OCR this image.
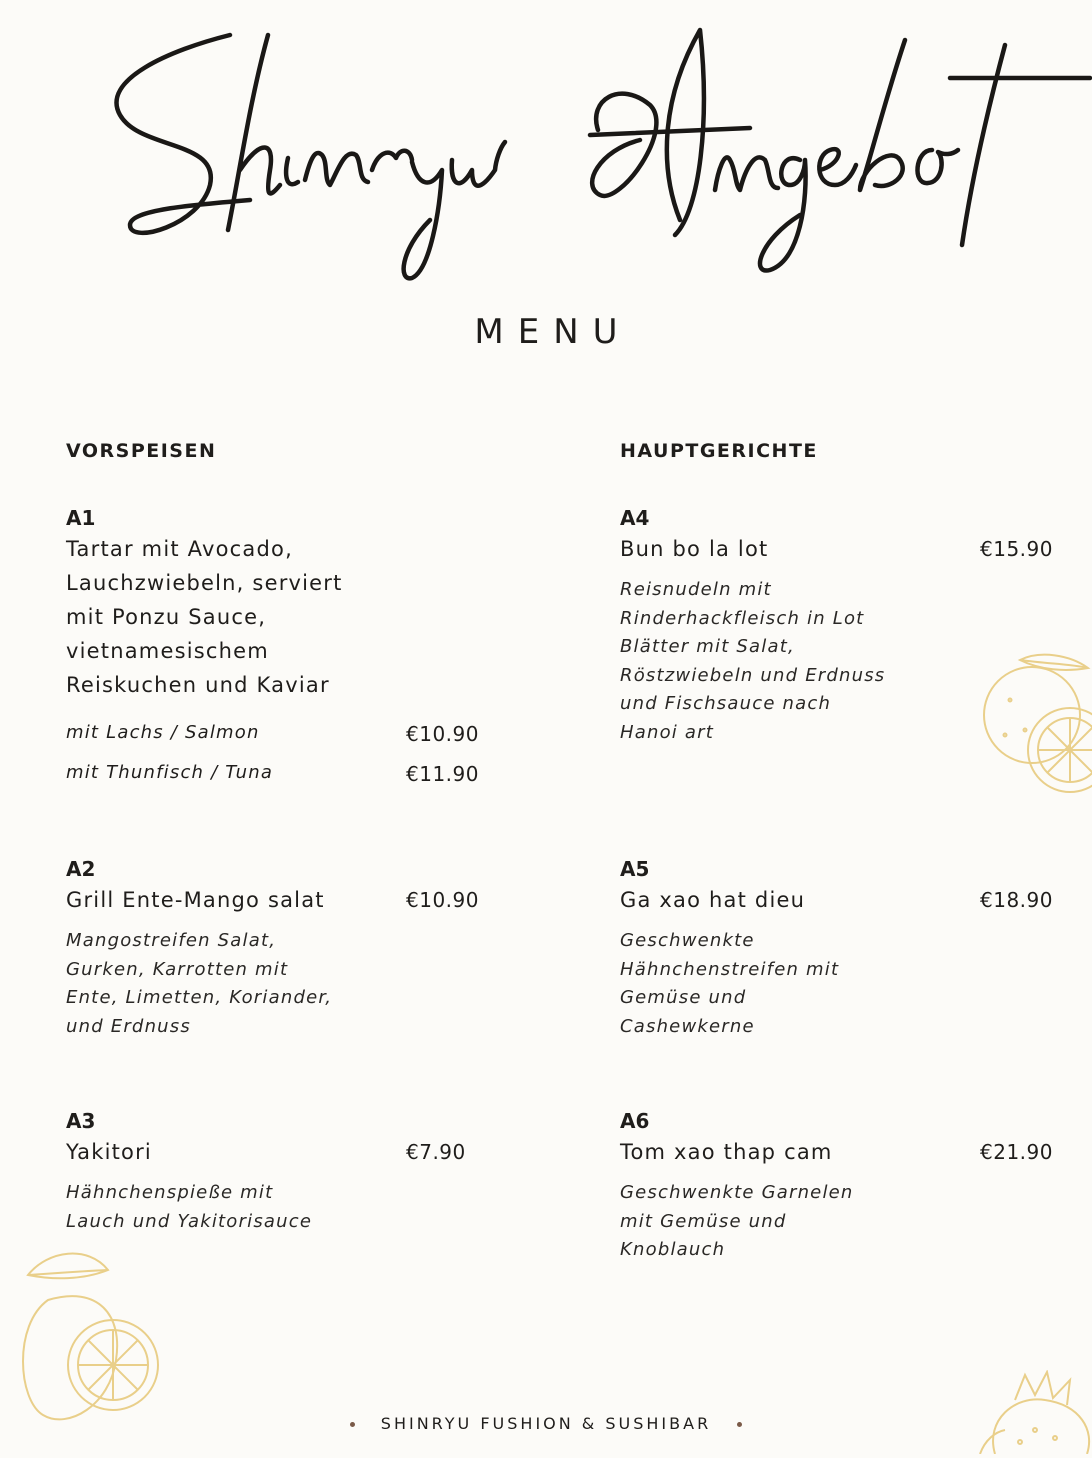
MENU
VORSPEISEN
A1
Tartar mit Avocado, Lauchzwiebeln, serviert mit Ponzu Sauce, vietnamesischem Reiskuchen und Kaviar
mit Lachs / Salmon	€10.90
mit Thunfisch / Tuna	€11.90
A2
Grill Ente-Mango salat	€10.90
Mangostreifen Salat, Gurken, Karrotten mit Ente, Limetten, Koriander, und Erdnuss
A3
Yakitori	€7.90
Hähnchenspieße mit Lauch und Yakitorisauce
HAUPTGERICHTE
A4
Bun bo la lot	€15.90
Reisnudeln mit Rinderhackfleisch in Lot Blätter mit Salat, Röstzwiebeln und Erdnuss und Fischsauce nach Hanoi art
A5
Ga xao hat dieu	€18.90
Geschwenkte Hähnchenstreifen mit Gemüse und Cashewkerne
A6
Tom xao thap cam	€21.90
Geschwenkte Garnelen mit Gemüse und Knoblauch
SHINRYU FUSHION & SUSHIBAR
